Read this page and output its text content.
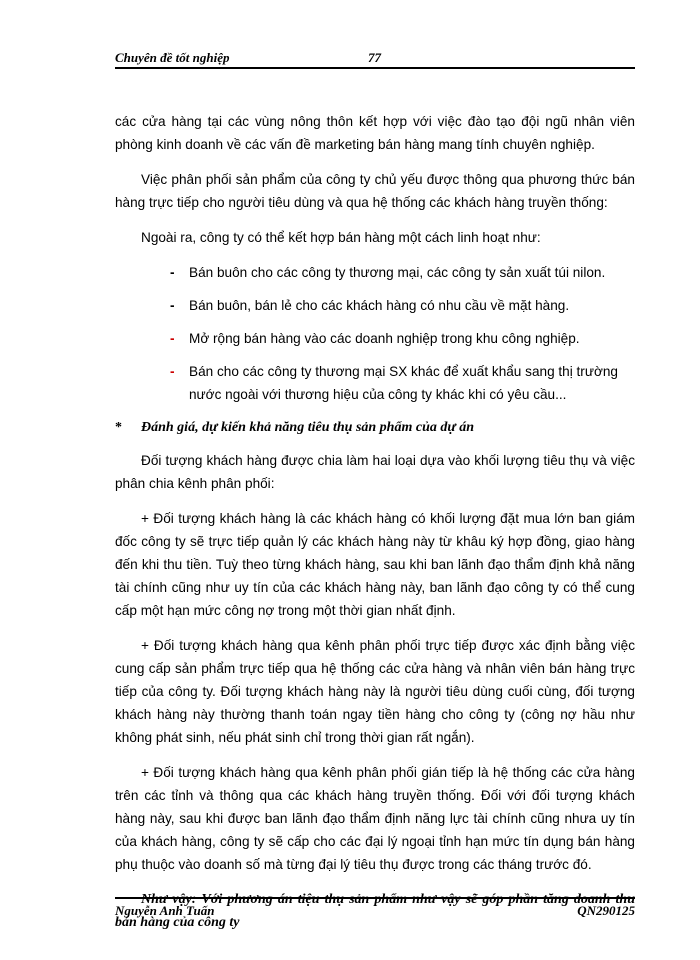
Chuyên đề tốt nghiệp	77

các cửa hàng tại các vùng nông thôn kết hợp với việc đào tạo đội ngũ nhân viên phòng kinh doanh về các vấn đề marketing bán hàng mang tính chuyên nghiệp.

Việc phân phối sản phẩm của công ty chủ yếu được thông qua phương thức bán hàng trực tiếp cho người tiêu dùng và qua hệ thống các khách hàng truyền thống:

Ngoài ra, công ty có thể kết hợp bán hàng một cách linh hoạt như:

- Bán buôn cho các công ty thương mại, các công ty sản xuất túi nilon.
- Bán buôn, bán lẻ cho các khách hàng có nhu cầu về mặt hàng.
- Mở rộng bán hàng vào các doanh nghiệp trong khu công nghiệp.
- Bán cho các công ty thương mại SX khác để xuất khẩu sang thị trường nước ngoài với thương hiệu của công ty khác khi có yêu cầu...

* Đánh giá, dự kiến khả năng tiêu thụ sản phẩm của dự án

Đối tượng khách hàng được chia làm hai loại dựa vào khối lượng tiêu thụ và việc phân chia kênh phân phối:

+ Đối tượng khách hàng là các khách hàng có khối lượng đặt mua lớn ban giám đốc công ty sẽ trực tiếp quản lý các khách hàng này từ khâu ký hợp đồng, giao hàng đến khi thu tiền. Tuỳ theo từng khách hàng, sau khi ban lãnh đạo thẩm định khả năng tài chính cũng như uy tín của các khách hàng này, ban lãnh đạo công ty có thể cung cấp một hạn mức công nợ trong một thời gian nhất định.

+ Đối tượng khách hàng qua kênh phân phối trực tiếp được xác định bằng việc cung cấp sản phẩm trực tiếp qua hệ thống các cửa hàng và nhân viên bán hàng trực tiếp của công ty. Đối tượng khách hàng này là người tiêu dùng cuối cùng, đối tượng khách hàng này thường thanh toán ngay tiền hàng cho công ty (công nợ hầu như không phát sinh, nếu phát sinh chỉ trong thời gian rất ngắn).

+ Đối tượng khách hàng qua kênh phân phối gián tiếp là hệ thống các cửa hàng trên các tỉnh và thông qua các khách hàng truyền thống. Đối với đối tượng khách hàng này, sau khi được ban lãnh đạo thẩm định năng lực tài chính cũng nhưa uy tín của khách hàng, công ty sẽ cấp cho các đại lý ngoại tỉnh hạn mức tín dụng bán hàng phụ thuộc vào doanh số mà từng đại lý tiêu thụ được trong các tháng trước đó.

Như vậy: Với phương án tiệu thụ sản phẩm như vậy sẽ góp phần tăng doanh thu bán hàng của công ty

Nguyễn Anh Tuấn	QN290125
